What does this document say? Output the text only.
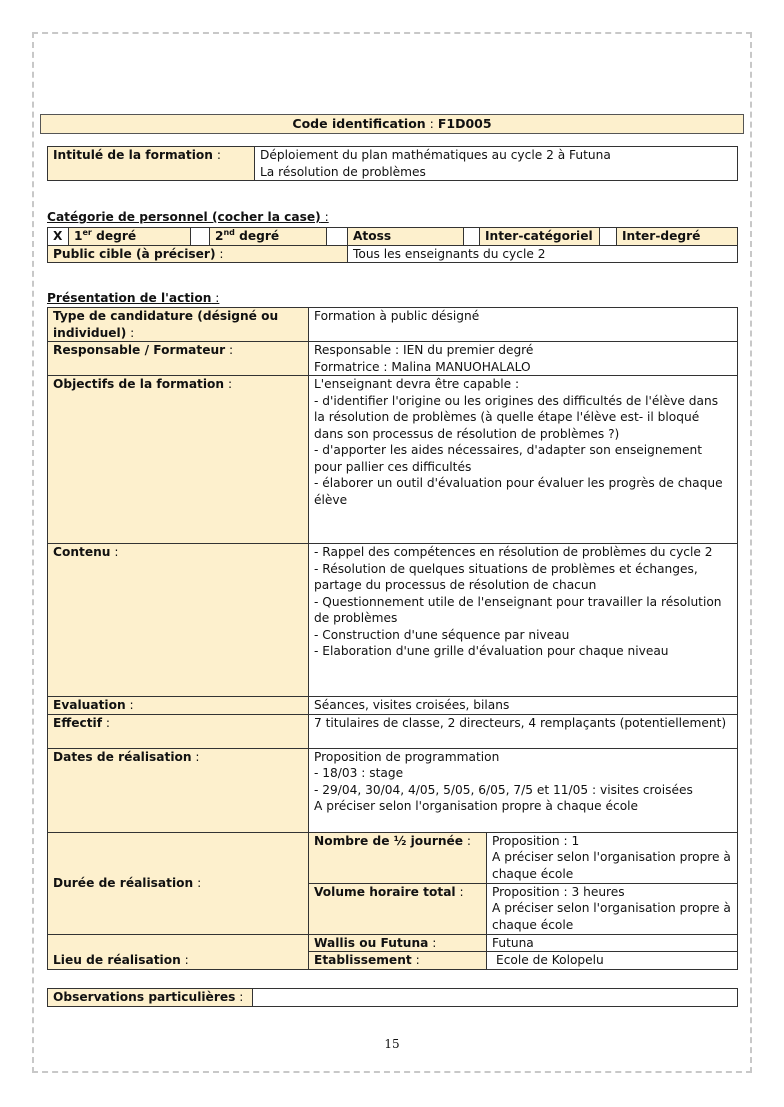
Code identification : F1D005
Intitulé de la formation :	Déploiement du plan mathématiques au cycle 2 à Futuna
La résolution de problèmes
Catégorie de personnel (cocher la case) :
X	1er degré		2nd degré		Atoss		Inter-catégoriel		Inter-degré
Public cible (à préciser) :					Tous les enseignants du cycle 2				
Présentation de l'action :
Type de candidature (désigné ou individuel) :	Formation à public désigné	
Responsable / Formateur :	Responsable : IEN du premier degré
Formatrice : Malina MANUOHALALO	

Objectifs de la formation :	L'enseignant devra être capable :
- d'identifier l'origine ou les origines des difficultés de l'élève dans la résolution de problèmes (à quelle étape l'élève est- il bloqué dans son processus de résolution de problèmes ?)
- d'apporter les aides nécessaires, d'adapter son enseignement pour pallier ces difficultés
- élaborer un outil d'évaluation pour évaluer les progrès de chaque élève	

Contenu :	- Rappel des compétences en résolution de problèmes du cycle 2
- Résolution de quelques situations de problèmes et échanges, partage du processus de résolution de chacun
- Questionnement utile de l'enseignant pour travailler la résolution de problèmes
- Construction d'une séquence par niveau
- Elaboration d'une grille d'évaluation pour chaque niveau	

Evaluation :	Séances, visites croisées, bilans	
Effectif :	7 titulaires de classe, 2 directeurs, 4 remplaçants (potentiellement)	
Dates de réalisation :	Proposition de programmation
- 18/03 : stage
- 29/04, 30/04, 4/05, 5/05, 6/05, 7/5 et 11/05 : visites croisées
A préciser selon l'organisation propre à chaque école	

Durée de réalisation :	Nombre de ½ journée :	Proposition : 1
A préciser selon l'organisation propre à chaque école

	Volume horaire total :	Proposition : 3 heures
A préciser selon l'organisation propre à chaque école

Lieu de réalisation :	Wallis ou Futuna :	Futuna
	Etablissement :	Ecole de Kolopelu
Observations particulières :	
15
